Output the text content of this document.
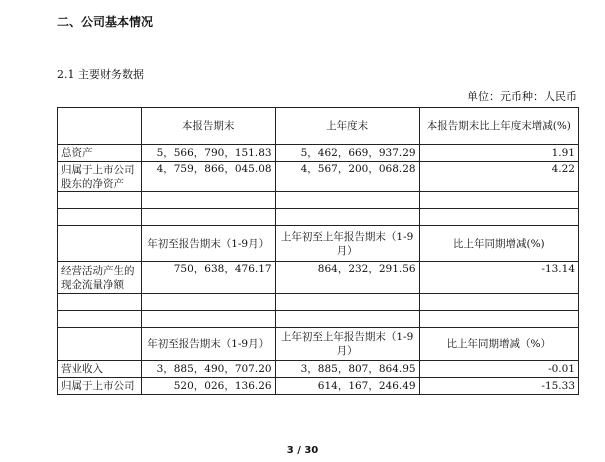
二、公司基本情况
2.1 主要财务数据
单位：元币种：人民币
	本报告期末	上年度末	本报告期末比上年度末增减(%)
总资产	5，566，790，151.83	5，462，669，937.29	1.91
归属于上市公司股东的净资产	4，759，866，045.08	4，567，200，068.28	4.22

	年初至报告期末（1-9月）	上年初至上年报告期末（1-9月）	比上年同期增减(%)
经营活动产生的现金流量净额	750，638，476.17	864，232，291.56	-13.14

	年初至报告期末（1-9月）	上年初至上年报告期末（1-9月）	比上年同期增减（%）
营业收入	3，885，490，707.20	3，885，807，864.95	-0.01
归属于上市公司	520，026，136.26	614，167，246.49	-15.33
3 / 30
